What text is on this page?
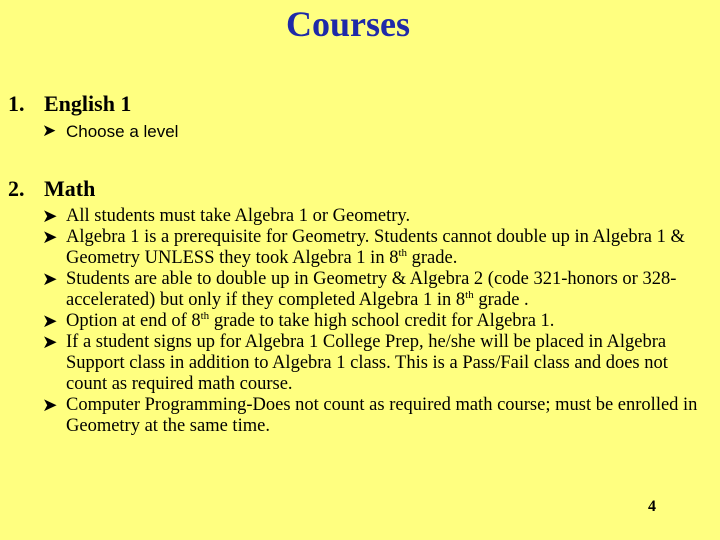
Courses
1. English 1
➤ Choose a level
2. Math
➤ All students must take Algebra 1 or Geometry.
➤ Algebra 1 is a prerequisite for Geometry. Students cannot double up in Algebra 1 & Geometry UNLESS they took Algebra 1 in 8th grade.
➤ Students are able to double up in Geometry & Algebra 2 (code 321-honors or 328-accelerated) but only if they completed Algebra 1 in 8th grade .
➤ Option at end of 8th grade to take high school credit for Algebra 1.
➤ If a student signs up for Algebra 1 College Prep, he/she will be placed in Algebra Support class in addition to Algebra 1 class. This is a Pass/Fail class and does not count as required math course.
➤ Computer Programming-Does not count as required math course; must be enrolled in Geometry at the same time.
4
